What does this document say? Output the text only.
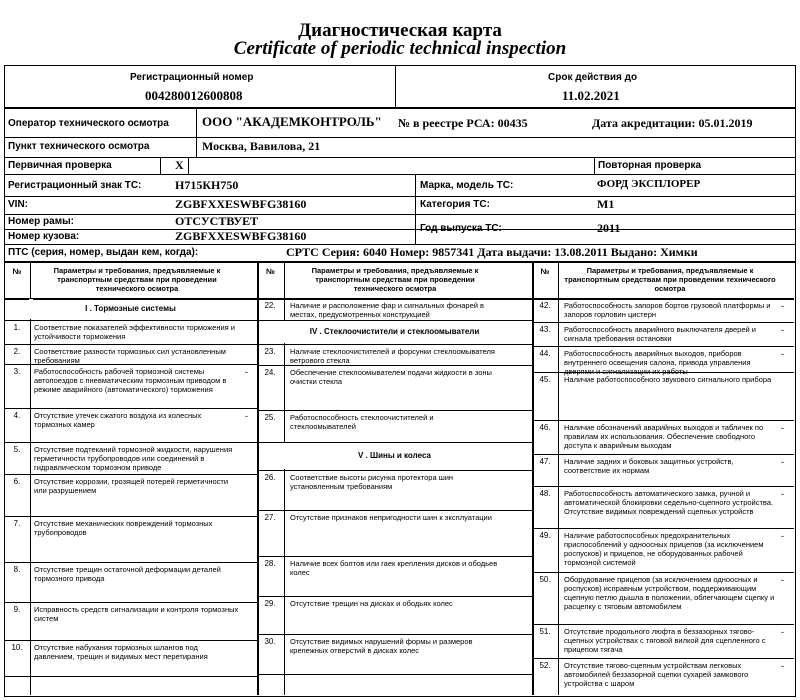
Диагностическая карта
Certificate of periodic technical inspection
Регистрационный номер
004280012600808
Срок действия до
11.02.2021
Оператор технического осмотра	ООО "АКАДЕМКОНТРОЛЬ" № в реестре РСА: 00435	Дата акредитации: 05.01.2019
Пункт технического осмотра	Москва, Вавилова, 21
Первичная проверка	X	Повторная проверка
Регистрационный знак ТС:	Н715КН750	Марка, модель ТС:	ФОРД ЭКСПЛОРЕР
VIN:	ZGBFXXESWBFG38160	Категория ТС:	М1
Номер рамы:	ОТСУСТВУЕТ
Год выпуска ТС:	2011
Номер кузова:	ZGBFXXESWBFG38160
ПТС (серия, номер, выдан кем, когда):	СРТС Серия: 6040 Номер: 9857341 Дата выдачи: 13.08.2011 Выдано: Химки
№	Параметры и требования, предъявляемые к транспортным средствам при проведении технического осмотра
I . Тормозные системы
1.	Соответствие показателей эффективности торможения и устойчивости торможения
2.	Соответствие разности тормозных сил установленным требованиям
3.	Работоспособность рабочей тормозной системы автопоездов с пневматическим тормозным приводом в режиме аварийного (автоматического) торможения
-
4.	Отсутствие утечек сжатого воздуха из колесных тормозных камер
-
5.	Отсутствие подтеканий тормозной жидкости, нарушения герметичности трубопроводов или соединений в гидравлическом тормозном приводе
6.	Отсутствие коррозии, грозящей потерей герметичности или разрушением
7.	Отсутствие механических повреждений тормозных трубопроводов
8.	Отсутствие трещин остаточной деформации деталей тормозного привода
9.	Исправность средств сигнализации и контроля тормозных систем
10.	Отсутствие набухания тормозных шлангов под давлением, трещин и видимых мест перетирания
№	Параметры и требования, предъявляемые к транспортным средствам при проведении технического осмотра
22.	Наличие и расположение фар и сигнальных фонарей в местах, предусмотренных конструкцией
IV . Стеклоочистители и стеклоомыватели
23.	Наличие стеклоочистителей и форсунки стеклоомывателя ветрового стекла
24.	Обеспечение стеклоомывателем подачи жидкости в зоны очистки стекла
25.	Работоспособность стеклоочистителей и стеклоомывателей
V . Шины и колеса
26.	Соответствие высоты рисунка протектора шин установленным требованиям
27.	Отсутствие признаков непригодности шин к эксплуатации
28.	Наличие всех болтов или гаек крепления дисков и ободьев колес
29.	Отсутствие трещин на дисках и ободьях колес
30.	Отсутствие видимых нарушений формы и размеров крепежных отверстий в дисках колес
№	Параметры и требования, предъявляемые к транспортным средствам при проведении технического осмотра
42.	Работоспособность запоров бортов грузовой платформы и запоров горловин цистерн
-
43.	Работоспособность аварийного выключателя дверей и сигнала требования остановки
-
44.	Работоспособность аварийных выходов, приборов внутреннего освещения салона, привода управления дверями и сигнализации их работы
-
45.	Наличие работоспособного звукового сигнального прибора
46.	Наличие обозначений аварийных выходов и табличек по правилам их использования. Обеспечение свободного доступа к аварийным выходам
-
47.	Наличие задних и боковых защитных устройств, соответствие их нормам
-
48.	Работоспособность автоматического замка, ручной и автоматической блокировки седельно-сцепного устройства. Отсутствие видимых повреждений сцепных устройств
-
49.	Наличие работоспособных предохранительных приспособлений у одноосных прицепов (за исключением роспусков) и прицепов, не оборудованных рабочей тормозной системой
-
50.	Оборудование прицепов (за исключением одноосных и роспусков) исправным устройством, поддерживающим сцепную петлю дышла в положении, облегчающем сцепку и расцепку с тяговым автомобилем
-
51.	Отсутствие продольного люфта в беззазорных тягово-сцепных устройствах с тяговой вилкой для сцепленного с прицепом тягача
-
52.	Отсутствие тягово-сцепным устройствам легковых автомобилей беззазорной сцепки сухарей замкового устройства с шаром
-
